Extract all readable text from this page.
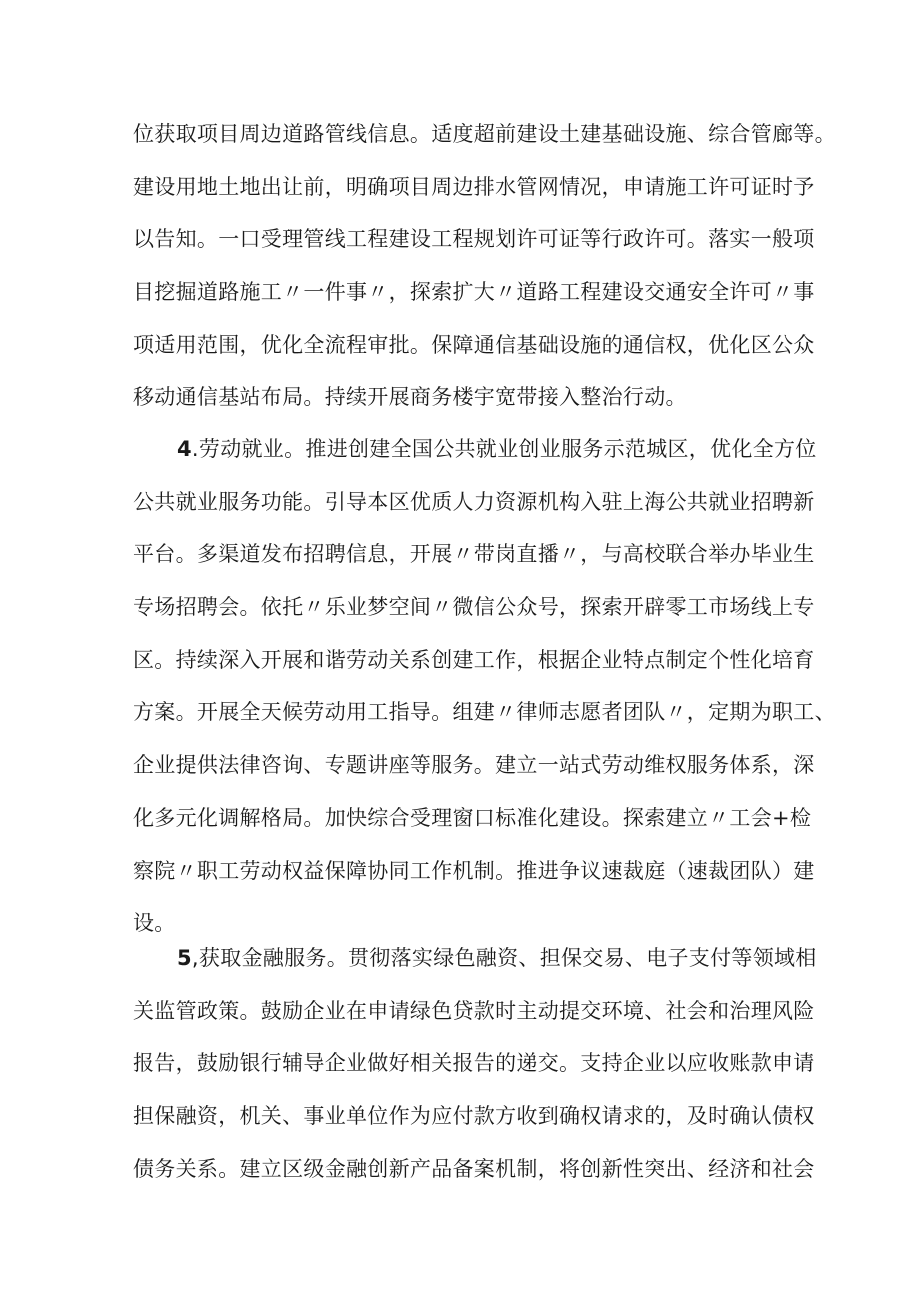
位获取项目周边道路管线信息。适度超前建设土建基础设施、综合管廊等。
建设用地土地出让前，明确项目周边排水管网情况，申请施工许可证时予
以告知。一口受理管线工程建设工程规划许可证等行政许可。落实一般项
目挖掘道路施工〃一件事〃，探索扩大〃道路工程建设交通安全许可〃事
项适用范围，优化全流程审批。保障通信基础设施的通信权，优化区公众
移动通信基站布局。持续开展商务楼宇宽带接入整治行动。
4.劳动就业。推进创建全国公共就业创业服务示范城区，优化全方位
公共就业服务功能。引导本区优质人力资源机构入驻上海公共就业招聘新
平台。多渠道发布招聘信息，开展〃带岗直播〃，与高校联合举办毕业生
专场招聘会。依托〃乐业梦空间〃微信公众号，探索开辟零工市场线上专
区。持续深入开展和谐劳动关系创建工作，根据企业特点制定个性化培育
方案。开展全天候劳动用工指导。组建〃律师志愿者团队〃，定期为职工、
企业提供法律咨询、专题讲座等服务。建立一站式劳动维权服务体系，深
化多元化调解格局。加快综合受理窗口标准化建设。探索建立〃工会+检
察院〃职工劳动权益保障协同工作机制。推进争议速裁庭（速裁团队）建
设。
5,获取金融服务。贯彻落实绿色融资、担保交易、电子支付等领域相
关监管政策。鼓励企业在申请绿色贷款时主动提交环境、社会和治理风险
报告，鼓励银行辅导企业做好相关报告的递交。支持企业以应收账款申请
担保融资，机关、事业单位作为应付款方收到确权请求的，及时确认债权
债务关系。建立区级金融创新产品备案机制，将创新性突出、经济和社会
